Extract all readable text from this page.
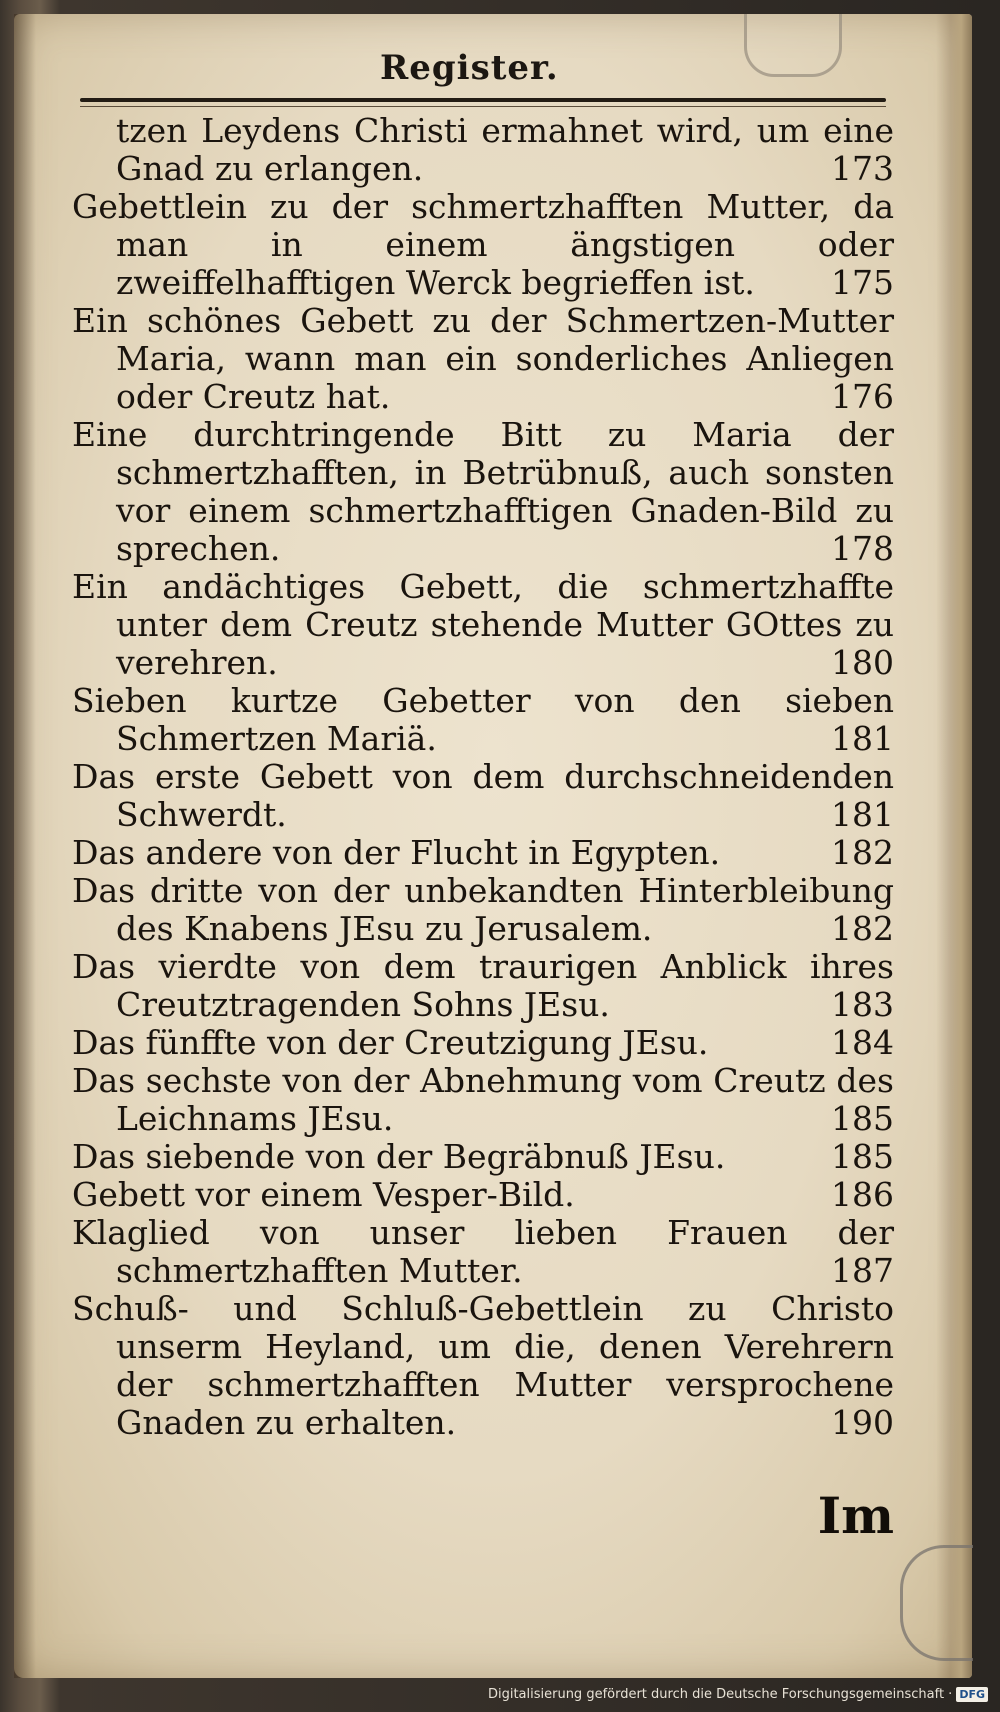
Register.
tzen Leydens Christi ermahnet wird, um eine Gnad zu erlangen.	173
Gebettlein zu der schmertzhafften Mutter, da man in einem ängstigen oder zweiffelhafftigen Werck begrieffen ist. 175
Ein schönes Gebett zu der Schmertzen-Mutter Maria, wann man ein sonderliches Anliegen oder Creutz hat.	176
Eine durchtringende Bitt zu Maria der schmertzhafften, in Betrübnuß, auch sonsten vor einem schmertzhafftigen Gnaden-Bild zu sprechen.	178
Ein andächtiges Gebett, die schmertzhaffte unter dem Creutz stehende Mutter GOttes zu verehren.	180
Sieben kurtze Gebetter von den sieben Schmertzen Mariä.	181
Das erste Gebett von dem durchschneidenden Schwerdt.	181
Das andere von der Flucht in Egypten.	182
Das dritte von der unbekandten Hinterbleibung des Knabens JEsu zu Jerusalem.	182
Das vierdte von dem traurigen Anblick ihres Creutztragenden Sohns JEsu.	183
Das fünffte von der Creutzigung JEsu.	184
Das sechste von der Abnehmung vom Creutz des Leichnams JEsu.	185
Das siebende von der Begräbnuß JEsu.	185
Gebett vor einem Vesper-Bild.	186
Klaglied von unser lieben Frauen der schmertzhafften Mutter.	187
Schuß- und Schluß-Gebettlein zu Christo unserm Heyland, um die, denen Verehrern der schmertzhafften Mutter versprochene Gnaden zu erhalten.	190
Im
Digitalisierung gefördert durch die Deutsche Forschungsgemeinschaft · DFG
